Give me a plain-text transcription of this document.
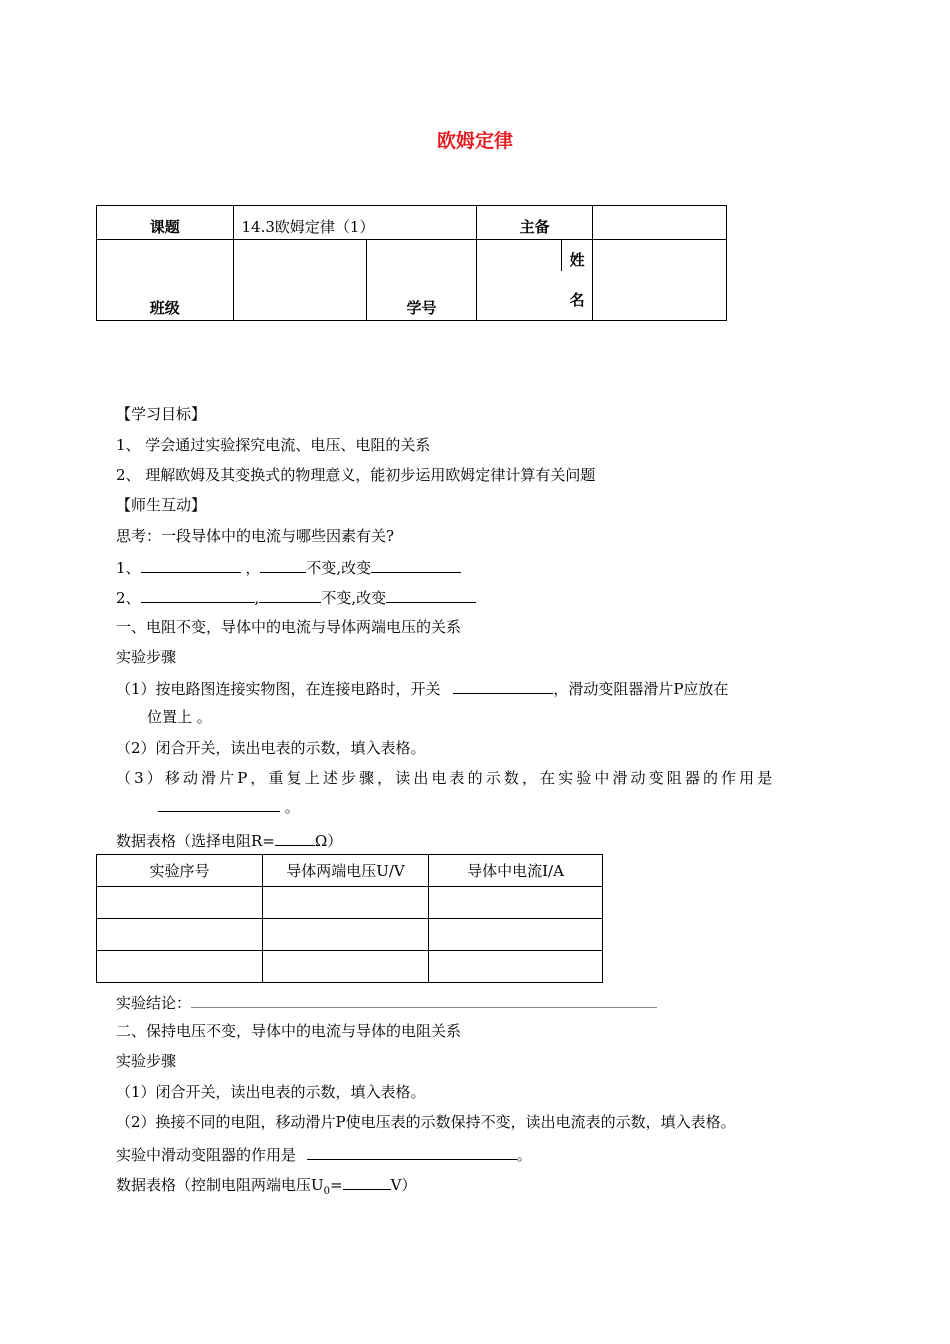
欧姆定律
课题	14.3欧姆定律（1）		主备	
班级		学号	姓名	

【学习目标】
1、 学会通过实验探究电流、电压、电阻的关系
2、 理解欧姆及其变换式的物理意义，能初步运用欧姆定律计算有关问题
【师生互动】
思考：一段导体中的电流与哪些因素有关?
1、	，	不变,改变
2、	,	不变,改变
一、电阻不变，导体中的电流与导体两端电压的关系
实验步骤
（1）按电路图连接实物图，在连接电路时，开关	，滑动变阻器滑片P应放在
位置上 。
（2）闭合开关，读出电表的示数，填入表格。
（3）移动滑片P，重复上述步骤，读出电表的示数，在实验中滑动变阻器的作用是
。
数据表格（选择电阻R=	Ω）
实验序号	导体两端电压U/V	导体中电流I/A

实验结论：
二、保持电压不变，导体中的电流与导体的电阻关系
实验步骤
（1）闭合开关，读出电表的示数，填入表格。
（2）换接不同的电阻，移动滑片P使电压表的示数保持不变，读出电流表的示数，填入表格。
实验中滑动变阻器的作用是	。
数据表格（控制电阻两端电压$U_0=$	V）
